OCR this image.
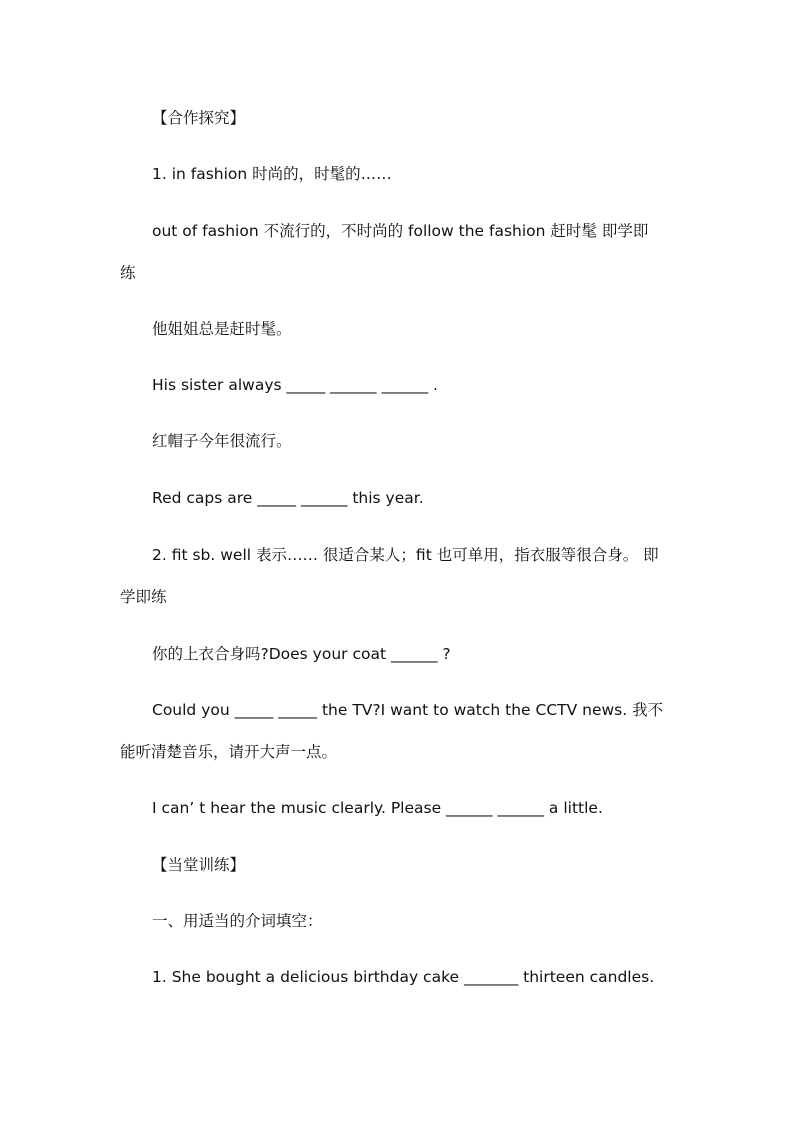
【合作探究】
1. in fashion 时尚的，时髦的……
out of fashion 不流行的，不时尚的 follow the fashion 赶时髦 即学即
练
他姐姐总是赶时髦。
His sister always _____ ______ ______ .
红帽子今年很流行。
Red caps are _____ ______ this year.
2. fit sb. well 表示…… 很适合某人；fit 也可单用，指衣服等很合身。 即
学即练
你的上衣合身吗?Does your coat ______ ?
Could you _____ _____ the TV?I want to watch the CCTV news. 我不
能听清楚音乐，请开大声一点。
I can’ t hear the music clearly. Please ______ ______ a little.
【当堂训练】
一、用适当的介词填空：
1. She bought a delicious birthday cake _______ thirteen candles.
